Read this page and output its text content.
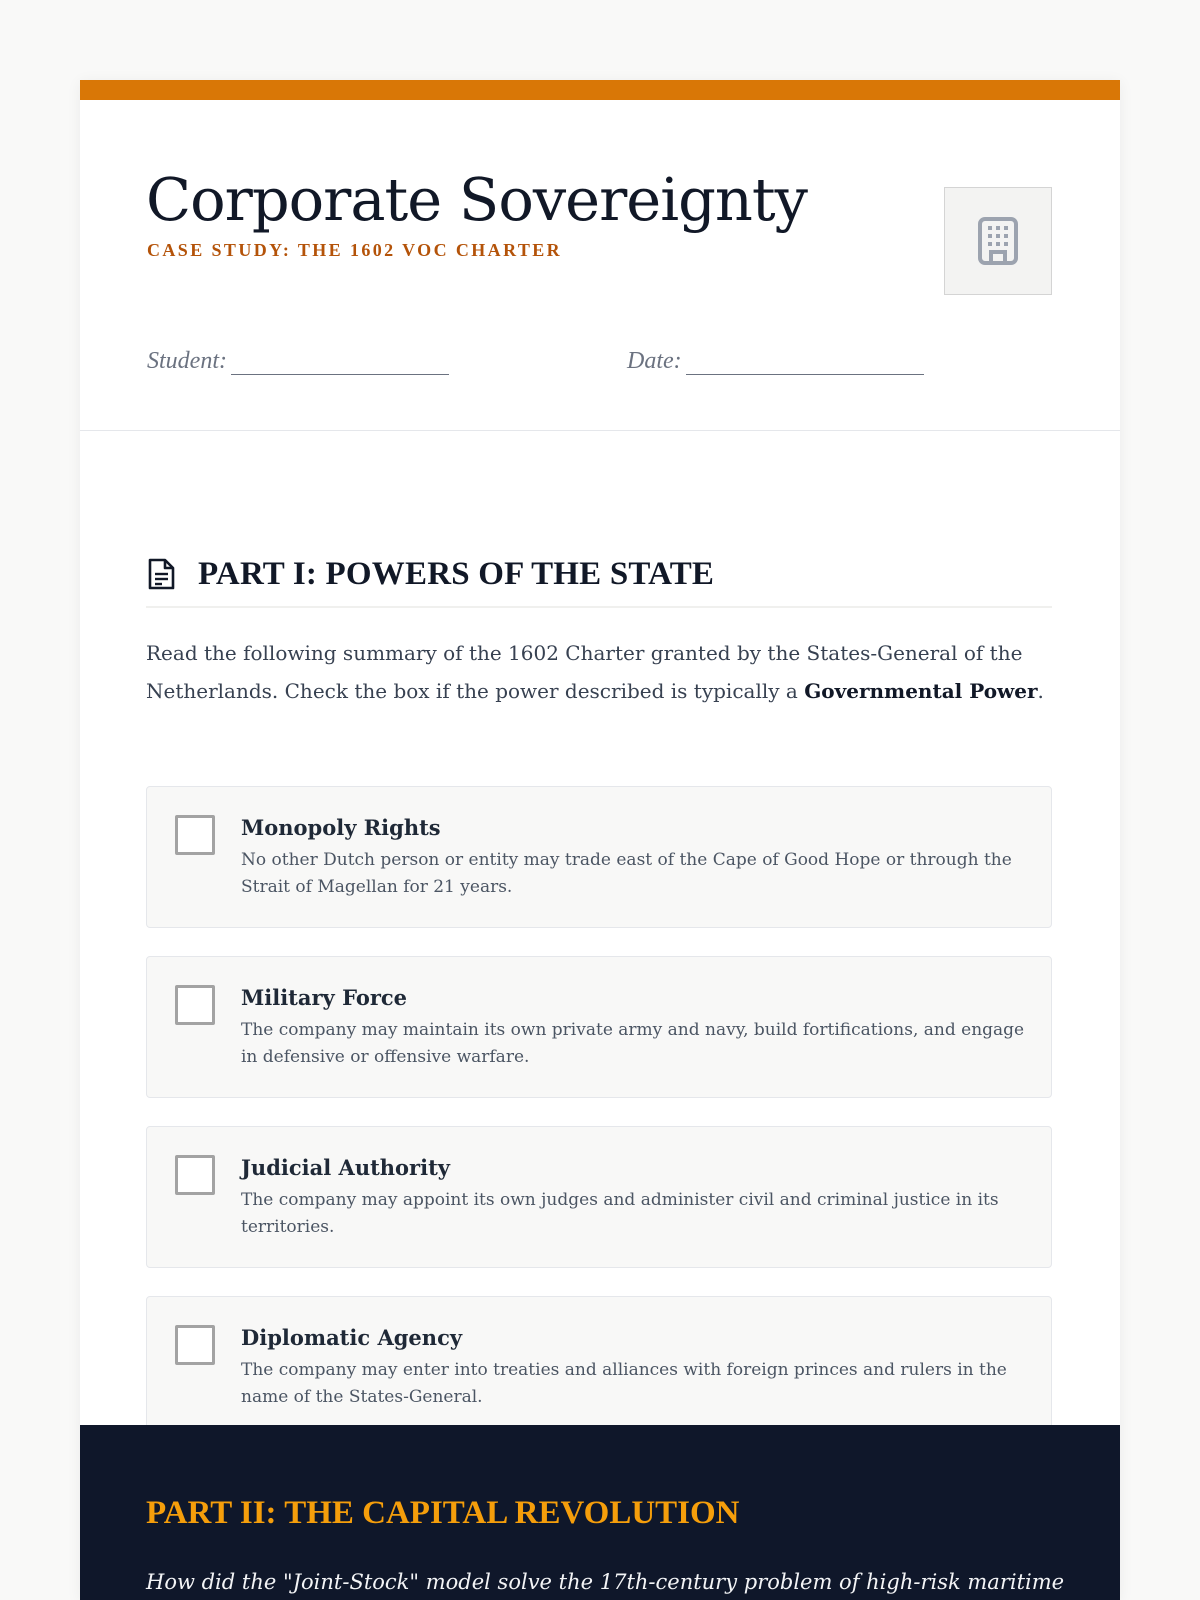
Corporate Sovereignty
CASE STUDY: THE 1602 VOC CHARTER
Student:	Date:
PART I: POWERS OF THE STATE

Read the following summary of the 1602 Charter granted by the States-General of the Netherlands. Check the box if the power described is typically a Governmental Power.

Monopoly Rights
No other Dutch person or entity may trade east of the Cape of Good Hope or through the Strait of Magellan for 21 years.
Military Force
The company may maintain its own private army and navy, build fortifications, and engage in defensive or offensive warfare.
Judicial Authority
The company may appoint its own judges and administer civil and criminal justice in its territories.
Diplomatic Agency
The company may enter into treaties and alliances with foreign princes and rulers in the name of the States-General.
PART II: THE CAPITAL REVOLUTION

How did the "Joint-Stock" model solve the 17th-century problem of high-risk maritime
